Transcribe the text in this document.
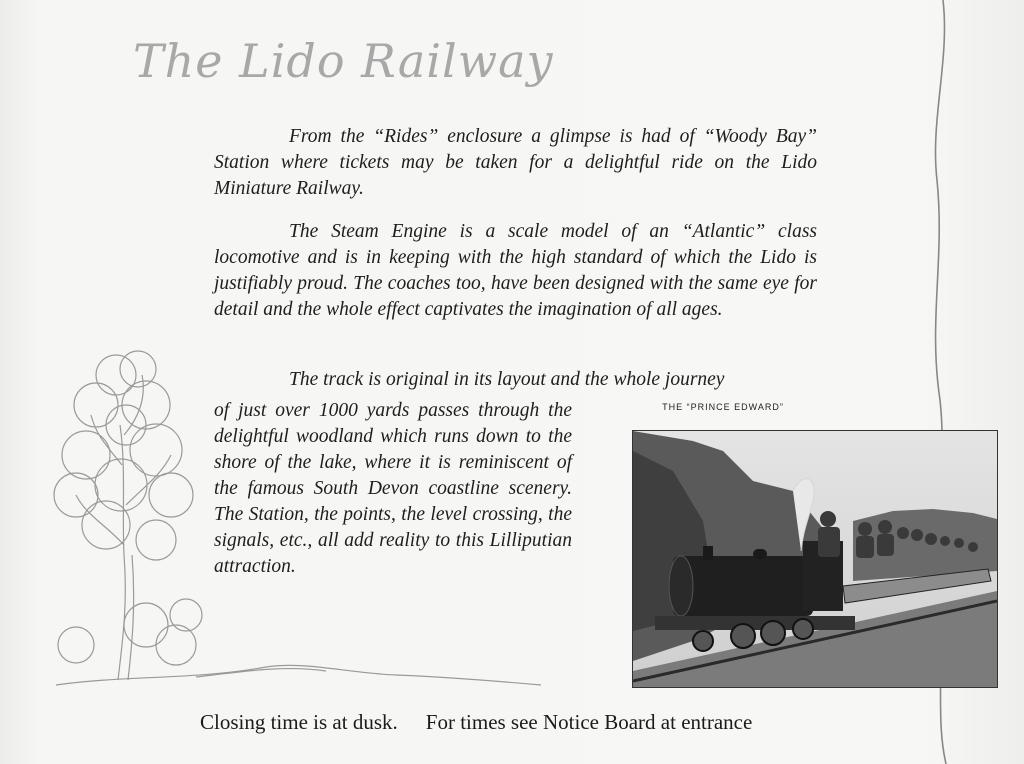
The Lido Railway
From the “Rides” enclosure a glimpse is had of “Woody Bay” Station where tickets may be taken for a delightful ride on the Lido Miniature Railway.
The Steam Engine is a scale model of an “Atlantic” class locomotive and is in keeping with the high standard of which the Lido is justifiably proud. The coaches too, have been designed with the same eye for detail and the whole effect captivates the imagination of all ages.
The track is original in its layout and the whole journey
of just over 1000 yards passes through the delightful woodland which runs down to the shore of the lake, where it is reminiscent of the famous South Devon coastline scenery. The Station, the points, the level crossing, the signals, etc., all add reality to this Lilliputian attraction.
THE “PRINCE EDWARD”
Closing time is at dusk. For times see Notice Board at entrance
